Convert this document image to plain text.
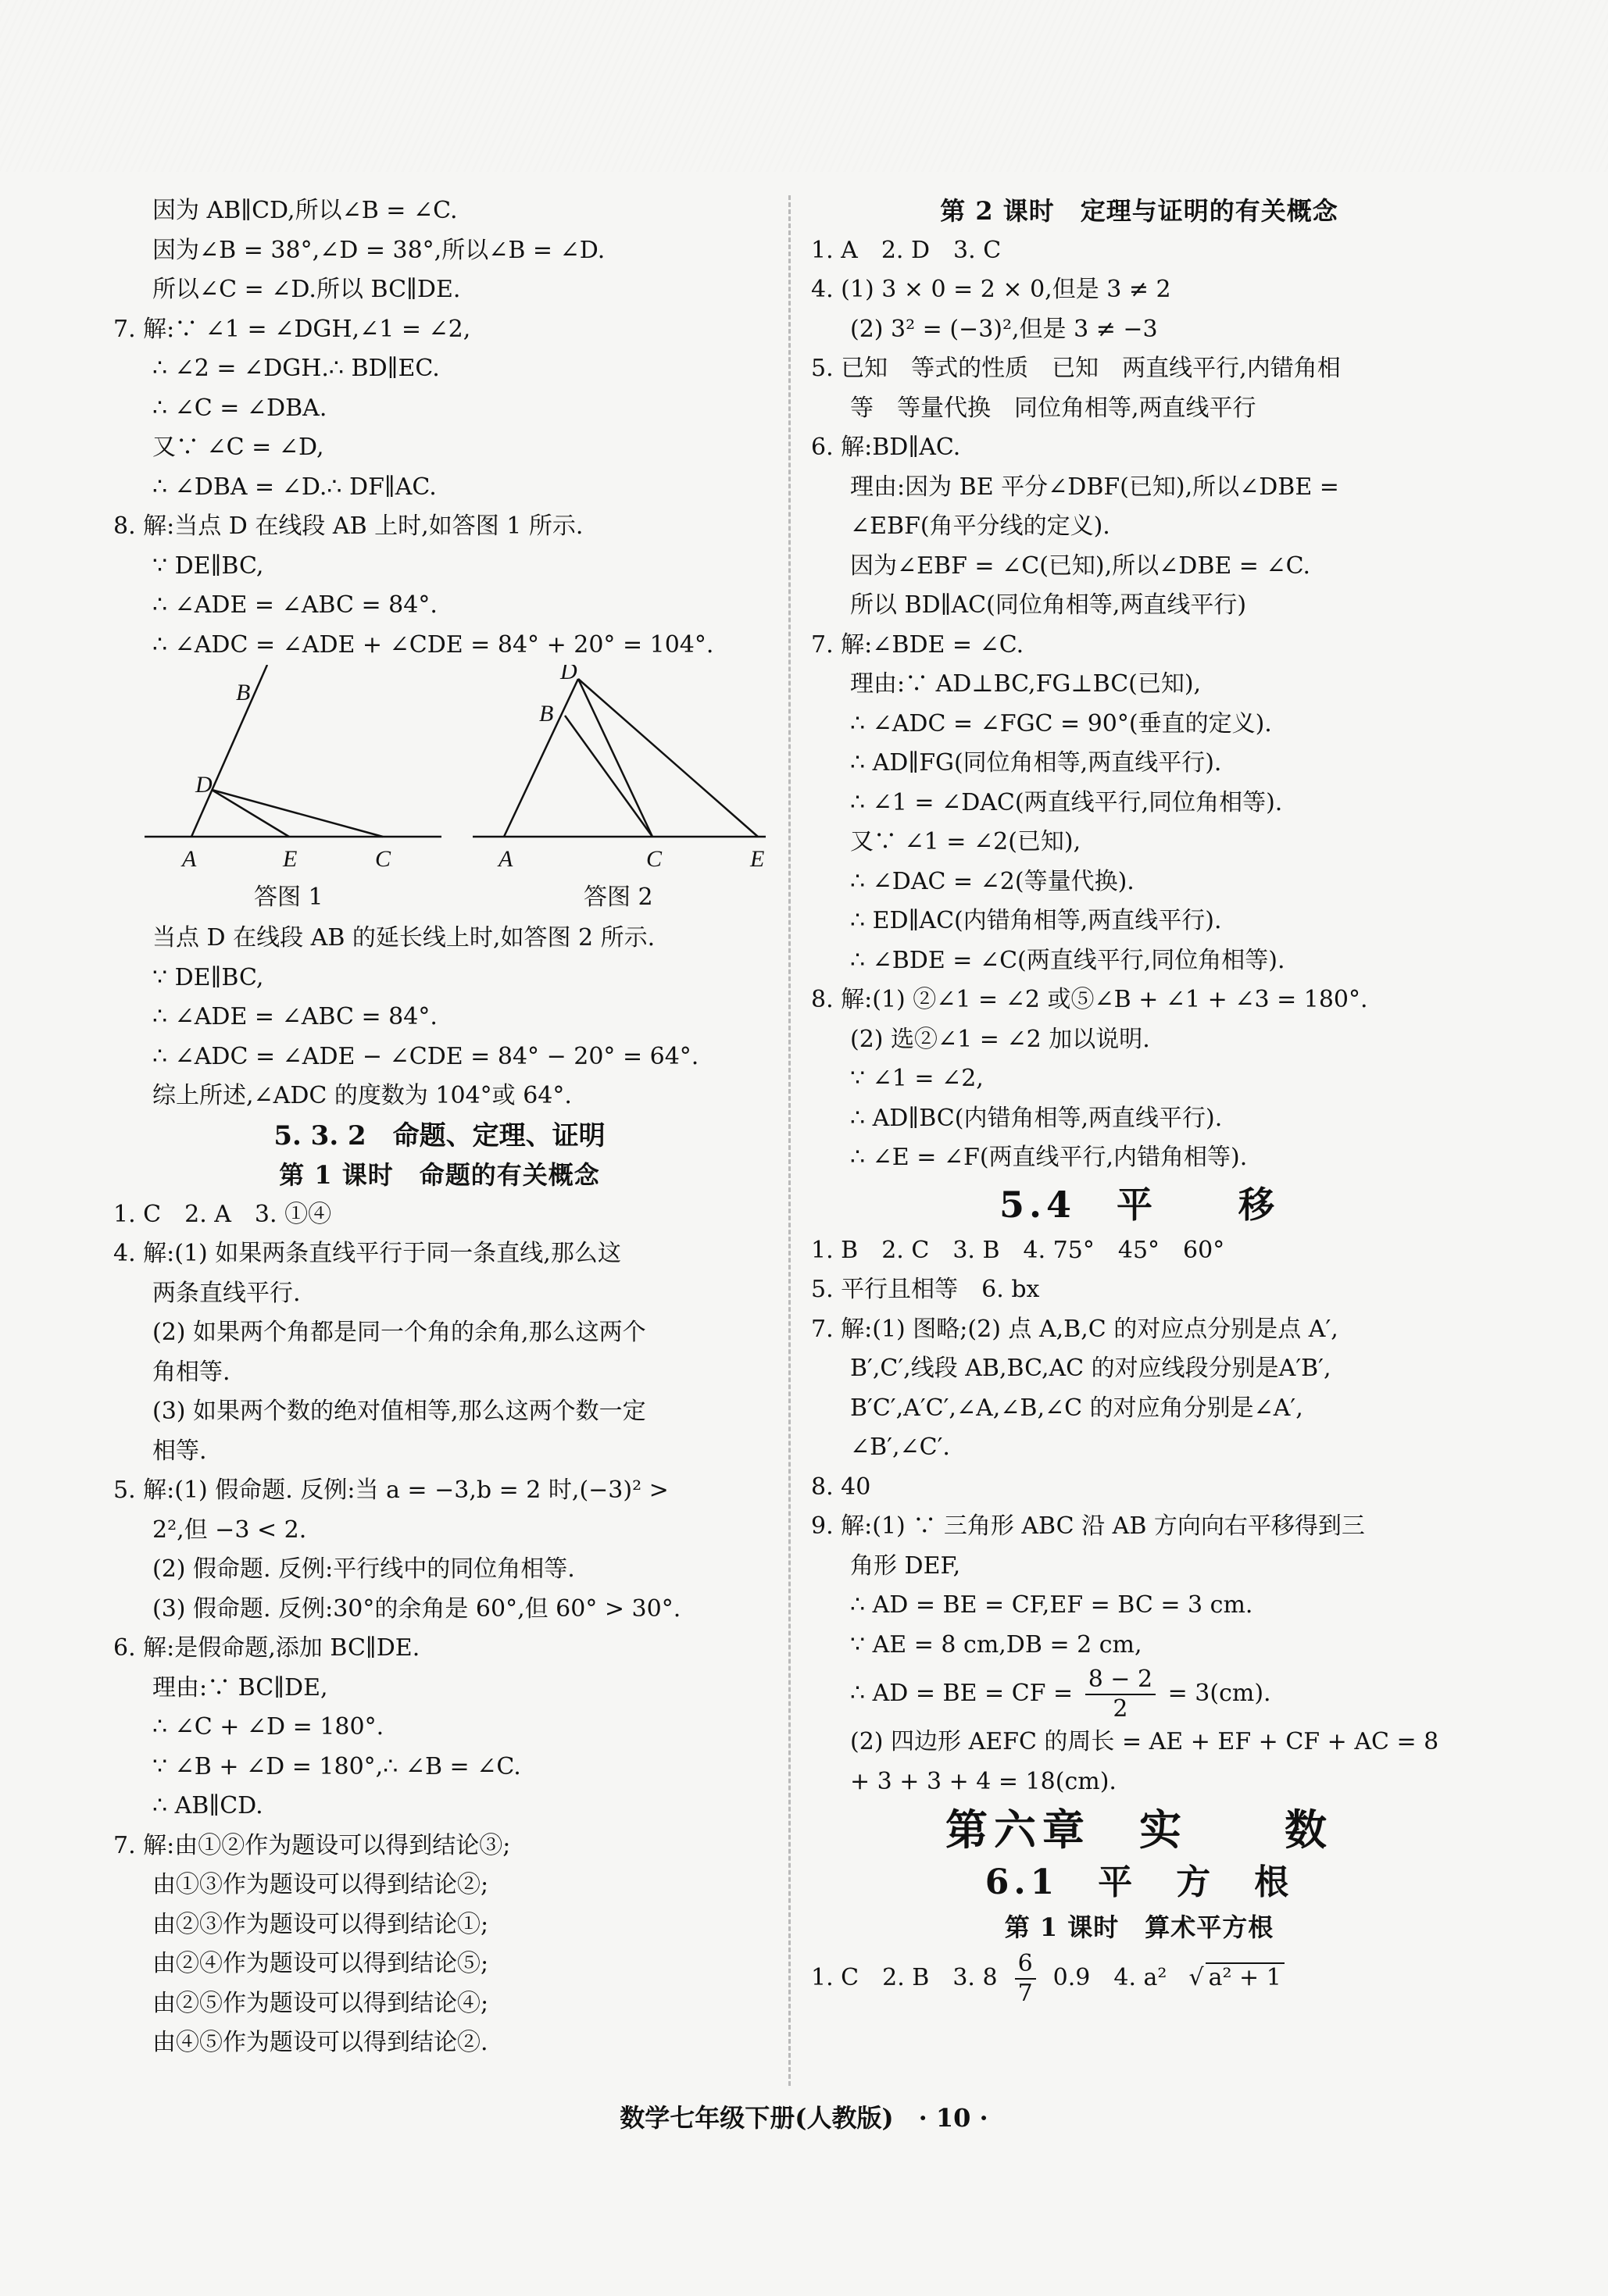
因为 AB∥CD,所以∠B = ∠C.
因为∠B = 38°,∠D = 38°,所以∠B = ∠D.
所以∠C = ∠D.所以 BC∥DE.
7. 解:∵ ∠1 = ∠DGH,∠1 = ∠2,
∴ ∠2 = ∠DGH.∴ BD∥EC.
∴ ∠C = ∠DBA.
又∵ ∠C = ∠D,
∴ ∠DBA = ∠D.∴ DF∥AC.
8. 解:当点 D 在线段 AB 上时,如答图 1 所示.
∵ DE∥BC,
∴ ∠ADE = ∠ABC = 84°.
∴ ∠ADC = ∠ADE + ∠CDE = 84° + 20° = 104°.
B
D
A	E	C
D
B
A	C	E
答图 1	答图 2
当点 D 在线段 AB 的延长线上时,如答图 2 所示.
∵ DE∥BC,
∴ ∠ADE = ∠ABC = 84°.
∴ ∠ADC = ∠ADE − ∠CDE = 84° − 20° = 64°.
综上所述,∠ADC 的度数为 104°或 64°.
5. 3. 2　命题、定理、证明
第 1 课时　命题的有关概念
1. C　2. A　3. ①④
4. 解:(1) 如果两条直线平行于同一条直线,那么这
两条直线平行.
(2) 如果两个角都是同一个角的余角,那么这两个
角相等.
(3) 如果两个数的绝对值相等,那么这两个数一定
相等.
5. 解:(1) 假命题. 反例:当 a = −3,b = 2 时,(−3)² >
2²,但 −3 < 2.
(2) 假命题. 反例:平行线中的同位角相等.
(3) 假命题. 反例:30°的余角是 60°,但 60° > 30°.
6. 解:是假命题,添加 BC∥DE.
理由:∵ BC∥DE,
∴ ∠C + ∠D = 180°.
∵ ∠B + ∠D = 180°,∴ ∠B = ∠C.
∴ AB∥CD.
7. 解:由①②作为题设可以得到结论③;
由①③作为题设可以得到结论②;
由②③作为题设可以得到结论①;
由②④作为题设可以得到结论⑤;
由②⑤作为题设可以得到结论④;
由④⑤作为题设可以得到结论②.
第 2 课时　定理与证明的有关概念
1. A　2. D　3. C
4. (1) 3 × 0 = 2 × 0,但是 3 ≠ 2
(2) 3² = (−3)²,但是 3 ≠ −3
5. 已知　等式的性质　已知　两直线平行,内错角相
等　等量代换　同位角相等,两直线平行
6. 解:BD∥AC.
理由:因为 BE 平分∠DBF(已知),所以∠DBE =
∠EBF(角平分线的定义).
因为∠EBF = ∠C(已知),所以∠DBE = ∠C.
所以 BD∥AC(同位角相等,两直线平行)
7. 解:∠BDE = ∠C.
理由:∵ AD⊥BC,FG⊥BC(已知),
∴ ∠ADC = ∠FGC = 90°(垂直的定义).
∴ AD∥FG(同位角相等,两直线平行).
∴ ∠1 = ∠DAC(两直线平行,同位角相等).
又∵ ∠1 = ∠2(已知),
∴ ∠DAC = ∠2(等量代换).
∴ ED∥AC(内错角相等,两直线平行).
∴ ∠BDE = ∠C(两直线平行,同位角相等).
8. 解:(1) ②∠1 = ∠2 或⑤∠B + ∠1 + ∠3 = 180°.
(2) 选②∠1 = ∠2 加以说明.
∵ ∠1 = ∠2,
∴ AD∥BC(内错角相等,两直线平行).
∴ ∠E = ∠F(两直线平行,内错角相等).
5.4　平　　移
1. B　2. C　3. B　4. 75°　45°　60°
5. 平行且相等　6. bx
7. 解:(1) 图略;(2) 点 A,B,C 的对应点分别是点 A′,
B′,C′,线段 AB,BC,AC 的对应线段分别是A′B′,
B′C′,A′C′,∠A,∠B,∠C 的对应角分别是∠A′,
∠B′,∠C′.
8. 40
9. 解:(1) ∵ 三角形 ABC 沿 AB 方向向右平移得到三
角形 DEF,
∴ AD = BE = CF,EF = BC = 3 cm.
∵ AE = 8 cm,DB = 2 cm,
∴ AD = BE = CF = $\frac{8 - 2}{2} = 3(cm)$.
(2) 四边形 AEFC 的周长 = AE + EF + CF + AC = 8
+ 3 + 3 + 4 = 18(cm).
第六章　实　　数
6.1　平　方　根
第 1 课时　算术平方根
1. C　2. B　3. $8 \frac{6}{7} 0.9$　4. a² √ a² + 1
数学七年级下册(人教版)　· 10 ·
